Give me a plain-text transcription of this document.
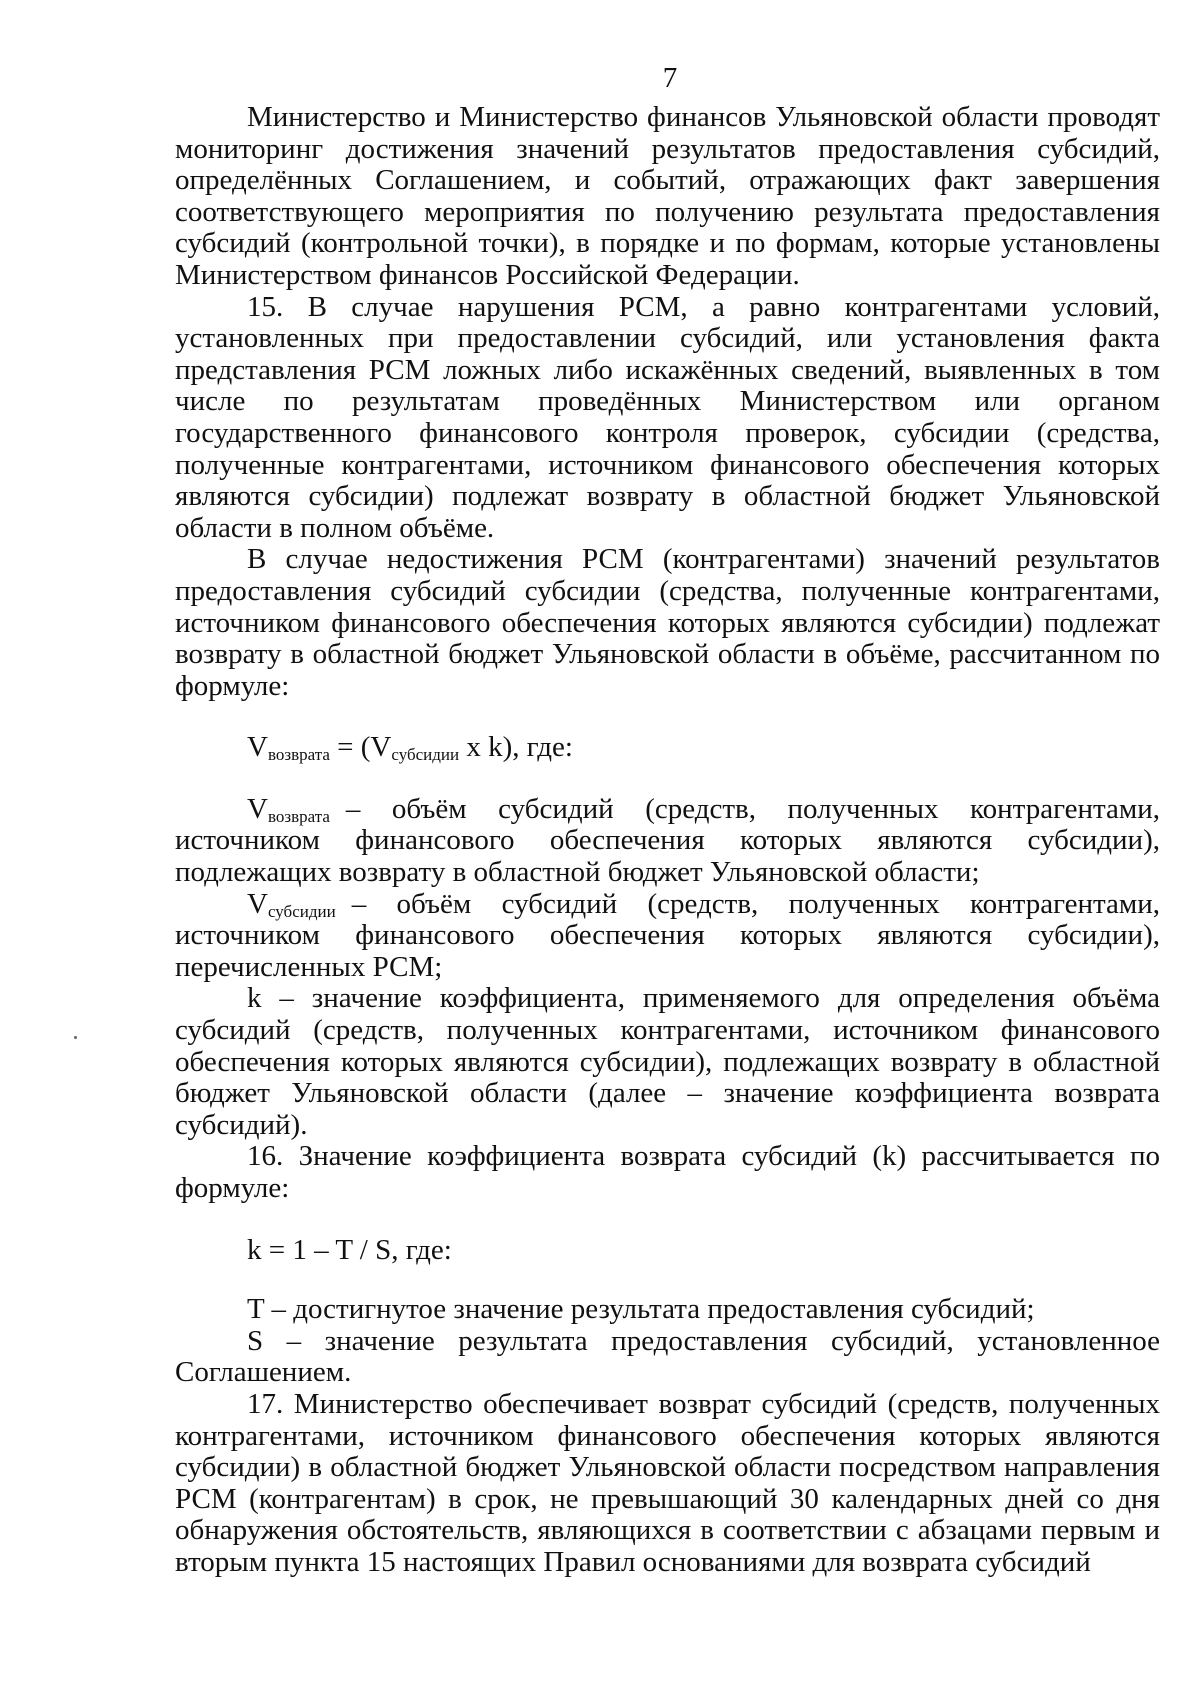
7

Министерство и Министерство финансов Ульяновской области проводят мониторинг достижения значений результатов предоставления субсидий, определённых Соглашением, и событий, отражающих факт завершения соответствующего мероприятия по получению результата предоставления субсидий (контрольной точки), в порядке и по формам, которые установлены Министерством финансов Российской Федерации.

15. В случае нарушения РСМ, а равно контрагентами условий, установленных при предоставлении субсидий, или установления факта представления РСМ ложных либо искажённых сведений, выявленных в том числе по результатам проведённых Министерством или органом государственного финансового контроля проверок, субсидии (средства, полученные контрагентами, источником финансового обеспечения которых являются субсидии) подлежат возврату в областной бюджет Ульяновской области в полном объёме.

В случае недостижения РСМ (контрагентами) значений результатов предоставления субсидий субсидии (средства, полученные контрагентами, источником финансового обеспечения которых являются субсидии) подлежат возврату в областной бюджет Ульяновской области в объёме, рассчитанном по формуле:

$V_{возврата} = (V_{субсидии}$ x k), где:

$V_{возврата}$ – объём субсидий (средств, полученных контрагентами, источником финансового обеспечения которых являются субсидии), подлежащих возврату в областной бюджет Ульяновской области;

$V_{субсидии}$ – объём субсидий (средств, полученных контрагентами, источником финансового обеспечения которых являются субсидии), перечисленных РСМ;

k – значение коэффициента, применяемого для определения объёма субсидий (средств, полученных контрагентами, источником финансового обеспечения которых являются субсидии), подлежащих возврату в областной бюджет Ульяновской области (далее – значение коэффициента возврата субсидий).

16. Значение коэффициента возврата субсидий (k) рассчитывается по формуле:

k = 1 – T / S, где:

T – достигнутое значение результата предоставления субсидий;

S – значение результата предоставления субсидий, установленное Соглашением.

17. Министерство обеспечивает возврат субсидий (средств, полученных контрагентами, источником финансового обеспечения которых являются субсидии) в областной бюджет Ульяновской области посредством направления РСМ (контрагентам) в срок, не превышающий 30 календарных дней со дня обнаружения обстоятельств, являющихся в соответствии с абзацами первым и вторым пункта 15 настоящих Правил основаниями для возврата субсидий
